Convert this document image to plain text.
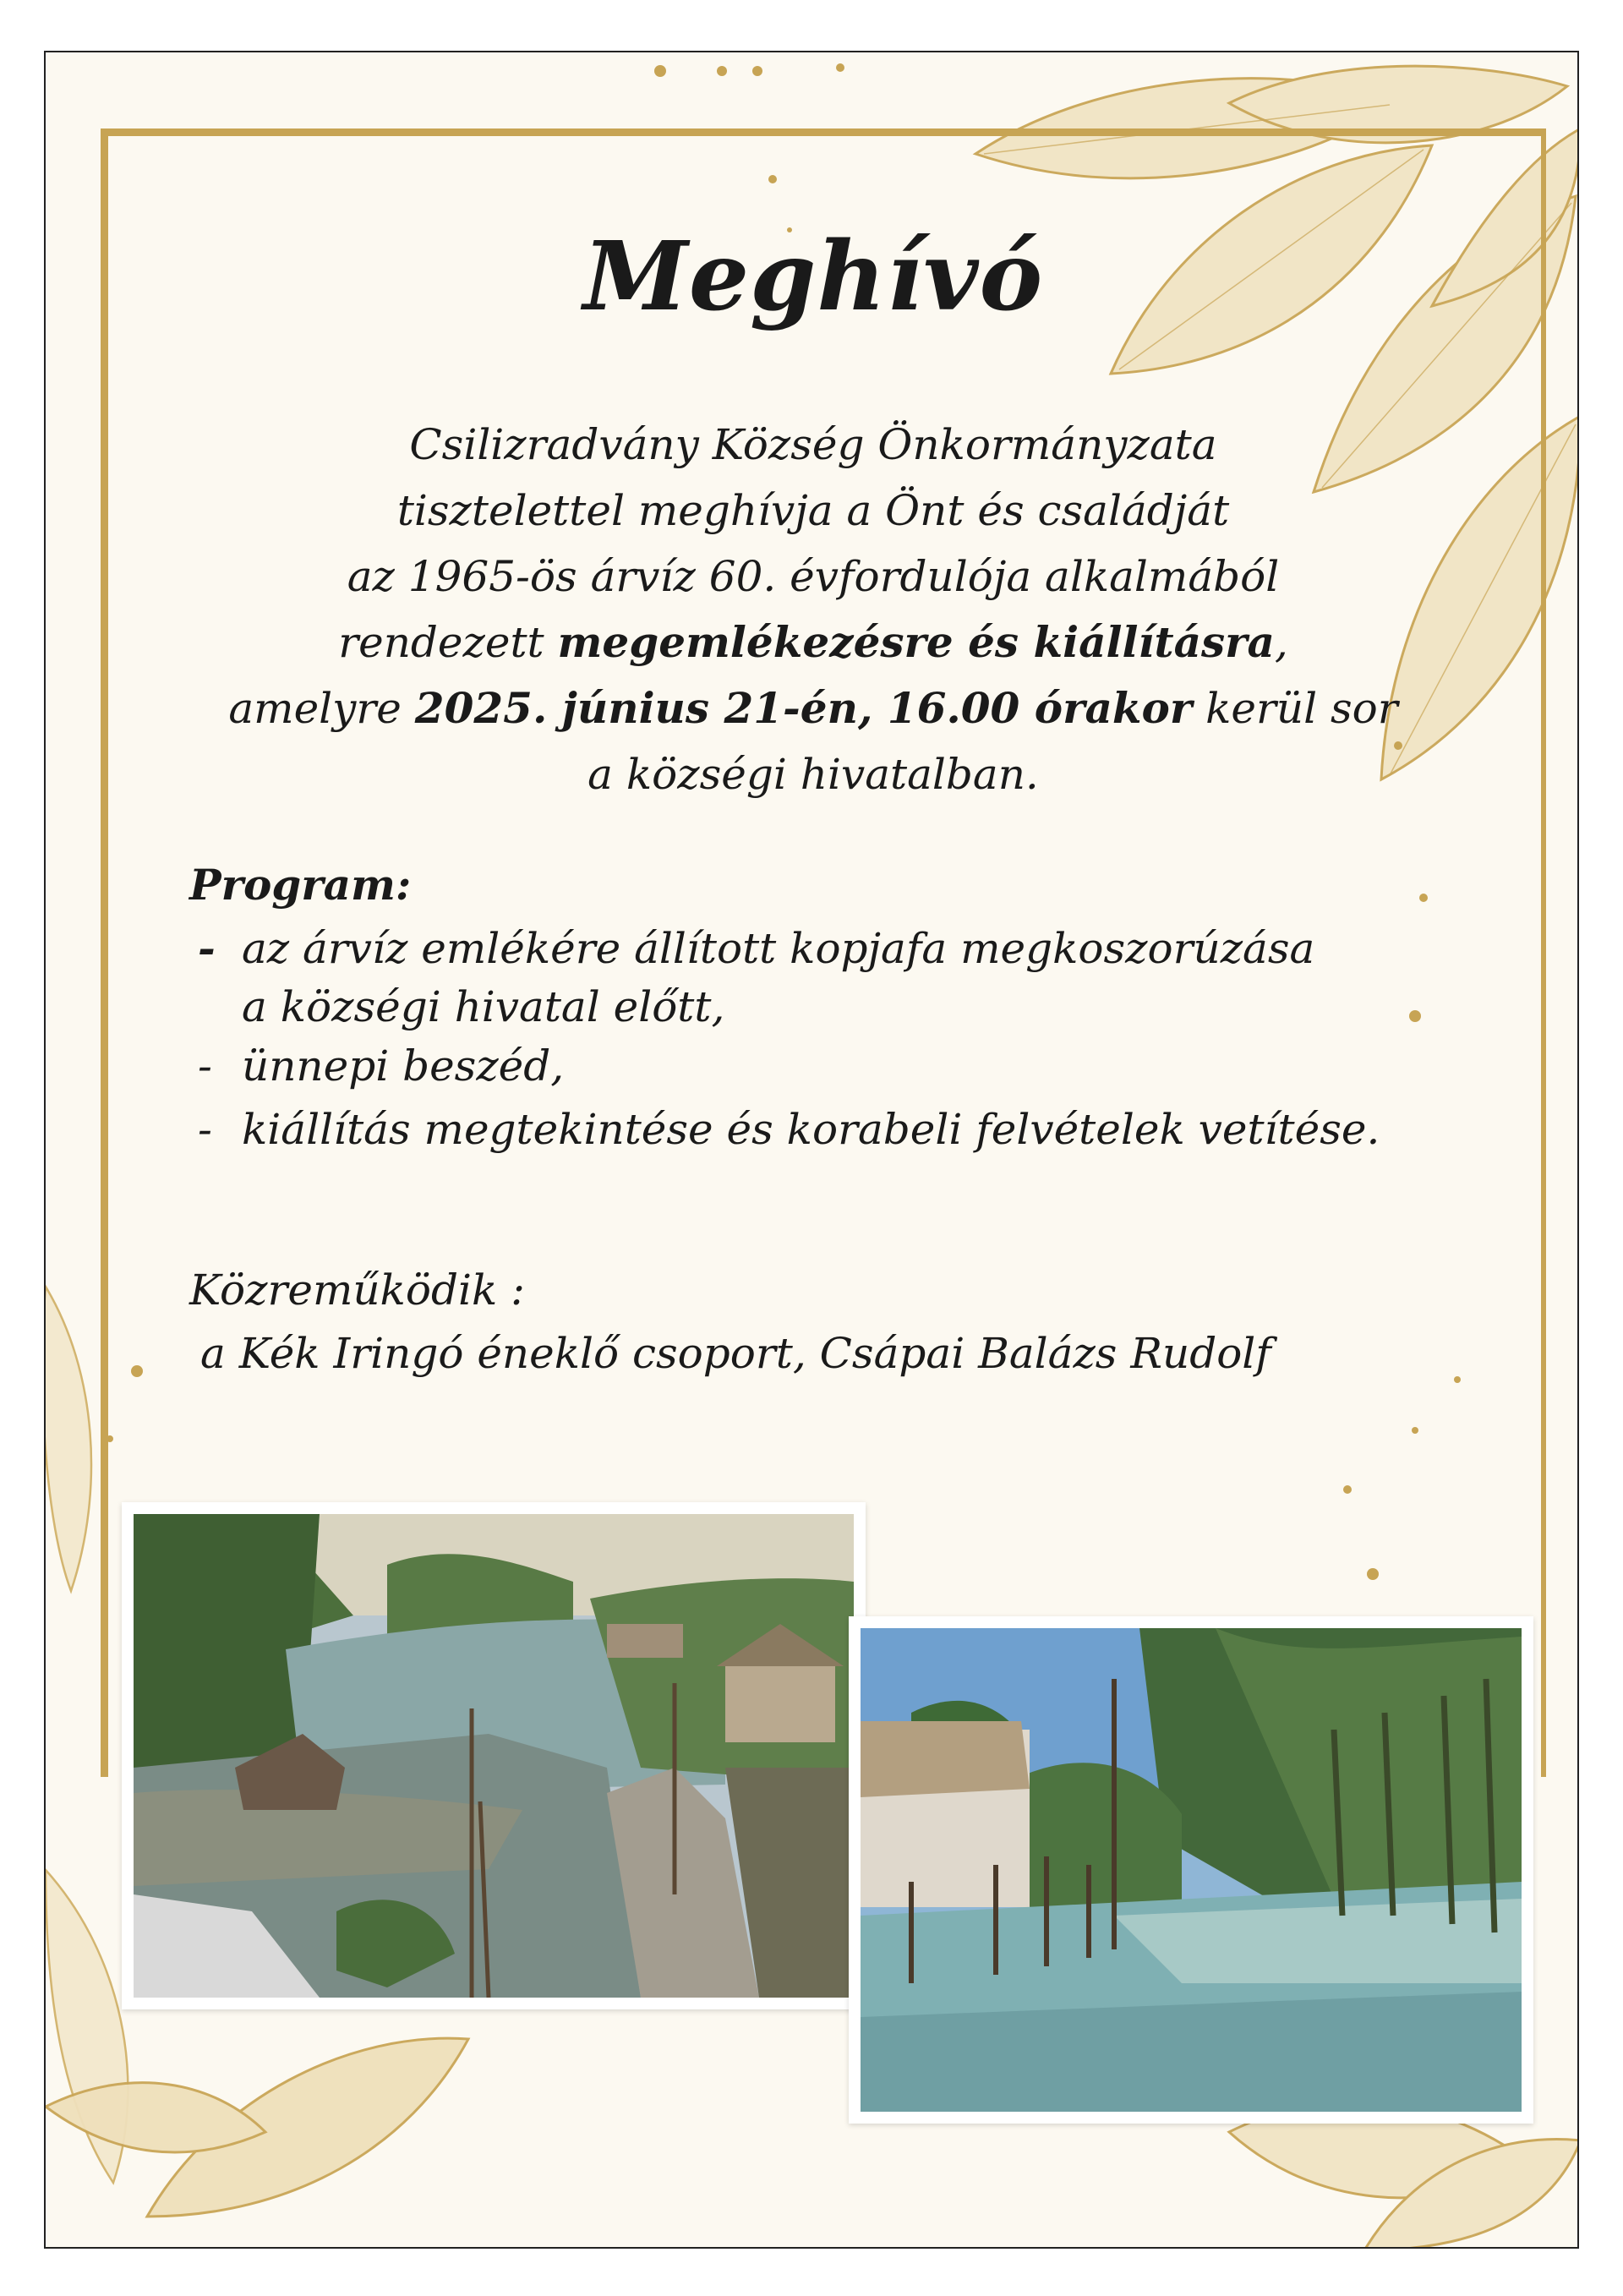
Meghívó
Csilizradvány Község Önkormányzata
tisztelettel meghívja a Önt és családját
az 1965-ös árvíz 60. évfordulója alkalmából
rendezett megemlékezésre és kiállításra,
amelyre 2025. június 21-én, 16.00 órakor kerül sor
a községi hivatalban.
Program:
- az árvíz emlékére állított kopjafa megkoszorúzása
a községi hivatal előtt,
- ünnepi beszéd,
- kiállítás megtekintése és korabeli felvételek vetítése.
Közreműködik :
a Kék Iringó éneklő csoport, Csápai Balázs Rudolf
